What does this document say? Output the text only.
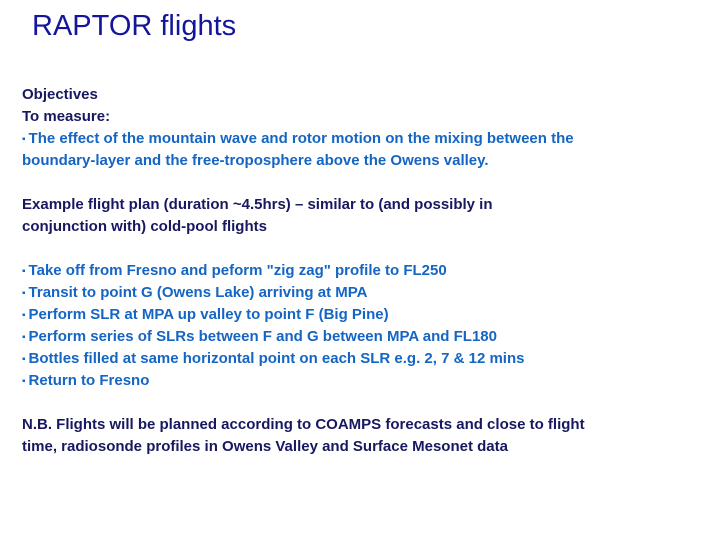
RAPTOR flights
Objectives
To measure:
▪ The effect of the mountain wave and rotor motion on the mixing between the
boundary-layer and the free-troposphere above the Owens valley.
Example flight plan (duration ~4.5hrs) – similar to (and possibly in
conjunction with) cold-pool flights
▪ Take off from Fresno and peform "zig zag" profile to FL250
▪ Transit to point G (Owens Lake) arriving at MPA
▪ Perform SLR at MPA up valley to point F (Big Pine)
▪ Perform series of SLRs between F and G between MPA and FL180
▪ Bottles filled at same horizontal point on each SLR e.g. 2, 7 & 12 mins
▪ Return to Fresno
N.B. Flights will be planned according to COAMPS forecasts and close to flight
time, radiosonde profiles in Owens Valley and Surface Mesonet data
